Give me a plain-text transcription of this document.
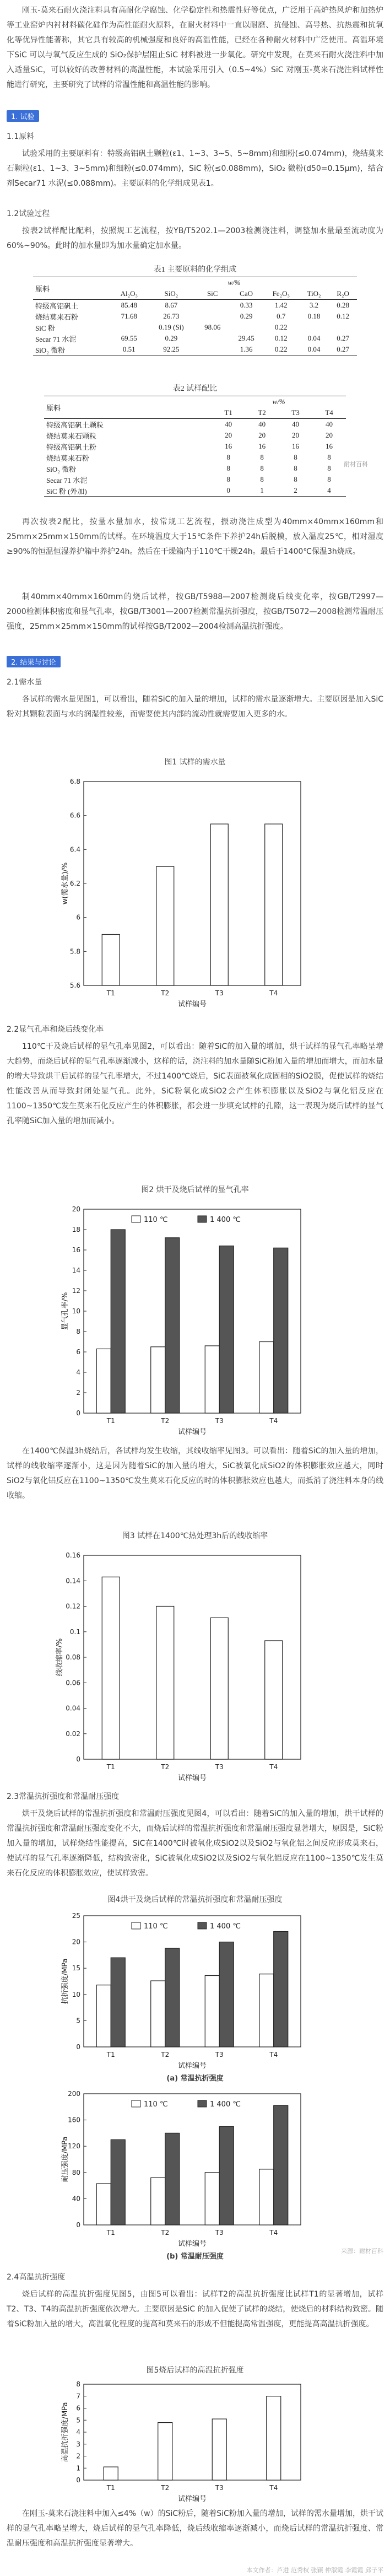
刚玉-莫来石耐火浇注料具有高耐化学腐蚀、化学稳定性和热震性好等优点，广泛用于高炉热风炉和加热炉等工业窑炉内衬材料碳化硅作为高性能耐火原料，在耐火材料中一直以耐磨、抗侵蚀、高导热、抗热震和抗氧化等优异性能著称，其它具有较高的机械强度和良好的高温性能，已经在各种耐火材料中广泛使用。高温环境下SiC 可以与氧气反应生成的 SiO₂保护层阻止SiC 材料被进一步氧化。研究中发现，在莫来石耐火浇注料中加入适量SiC，可以较好的改善材料的高温性能，本试验采用引入（0.5~4%）SiC 对刚玉-莫来石浇注料试样性能进行研究，主要研究了试样的常温性能和高温性能的影响。

1. 试验
1.1原料

试验采用的主要原料有：特级高铝矾土颗粒(ε1、1~3、3~5、5~8mm)和细粉(≤0.074mm)，烧结莫来石颗粒(ε1、1~3、3~5mm)和细粉(≤0.074mm)，SiC 粉(≤0.088mm)，SiO₂ 微粉(d50=0.15μm)，结合剂Secar71 水泥(≤0.088mm)。主要原料的化学组成见表1。

1.2试验过程

按表2试样配比配料，按照规工艺流程，按YB/T5202.1—2003检测浇注料，调整加水量最至流动度为60%~90%。此时的加水量即为加水量确定加水量。

表1 主要原料的化学组成
原料	w/%						
	Al₂O₃	SiO₂	SiC	CaO	Fe₂O₃	TiO₂	R₂O
特级高铝矾土	85.48	8.67		0.33	1.42	3.2	0.28
烧结莫来石粉	71.68	26.73		0.29	0.7	0.18	0.12
SiC 粉		0.19 (Si)	98.06		0.22		
Secar 71 水泥	69.55	0.29		29.45	0.12	0.04	0.27
SiO₂ 微粉	0.51	92.25		1.36	0.22	0.04	0.27
表2 试样配比
原料	w/%			
	T1	T2	T3	T4
特级高铝矾土颗粒	40	40	40	40
烧结莫来石颗粒	20	20	20	20
特级高铝矾土粉	16	16	16	16
烧结莫来石粉	8	8	8	8
SiO₂ 微粉	8	8	8	8
Secar 71 水泥	8	8	8	8
SiC 粉 (外加)	0	1	2	4
耐材百科

再次按表2配比，按量水量加水，按常规工艺流程，振动浇注成型为40mm×40mm×160mm和25mm×25mm×150mm的试样。在环境温度大于15℃条件下养护24h后脱模，放入温度25℃，相对湿度≥90%的恒温恒湿养护箱中养护24h。然后在干燥箱内于110℃干燥24h。最后于1400℃保温3h烧成。

制40mm×40mm×160mm的烧后试样，按GB/T5988—2007检测烧后线变化率，按GB/T2997—2000检测体积密度和显气孔率，按GB/T3001—2007检测常温抗折强度，按GB/T5072—2008检测常温耐压强度，25mm×25mm×150mm的试样按GB/T2002—2004检测高温抗折强度。

2. 结果与讨论
2.1需水量

各试样的需水量见图1，可以看出，随着SiC的加入量的增加，试样的需水量逐渐增大。主要原因是加入SiC粉对其颗粒表面与水的润湿性较差，而需要使其内部的流动性就需要加入更多的水。

图1 试样的需水量
5.6
5.8
6
6.2
6.4
6.6
6.8
w(需水量)/%
T1	T2	T3	T4
试样编号
2.2显气孔率和烧后线变化率

110℃干及烧后试样的显气孔率见图2，可以看出：随着SiC的加入量的增加，烘干试样的显气孔率略呈增大趋势，而烧后试样的显气孔率逐渐减小，这样的话，浇注料的加水量随SiC粉加入量的增加而增大，而加水量的增大导致烘干后试样的显气孔率增大，不过1400℃烧后，SiC表面被氧化成固相的SiO2膜，促使试样的烧结性能改善从而导致封闭处显气孔。此外，SiC粉氧化成SiO2会产生体积膨胀以及SiO2与氧化铝反应在1100~1350℃发生莫来石化反应产生的体积膨胀，都会进一步填充试样的孔隙，这一表现为烧后试样的显气孔率随SiC加入量的增加而减小。

图2 烘干及烧后试样的显气孔率
0
2
4
6
8
10
12
14
16
18
20
显气孔率/%
T1	T2	T3	T4
试样编号
110 ℃	1 400 ℃

在1400℃保温3h烧结后，各试样均发生收缩，其线收缩率见图3。可以看出：随着SiC的加入量的增加，试样的线收缩率逐渐小，这是因为随着SiC的加入量的增大，SiC被氧化成SiO2的体积膨胀效应越大，同时SiO2与氧化铝反应在1100~1350℃发生莫来石化反应的时的体积膨胀效应也越大，而抵消了浇注料本身的线收缩。

图3 试样在1400℃热处理3h后的线收缩率
0
0.02
0.04
0.06
0.08
0.1
0.12
0.14
0.16
线收缩率/%
T1	T2	T3	T4
试样编号
2.3常温抗折强度和常温耐压强度

烘干及烧后试样的常温抗折强度和常温耐压强度见图4，可以看出：随着SiC的加入量的增加，烘干试样的常温抗折强度和常温耐压强度变化不大，而烧后试样的常温抗折强度和常温耐压强度显著增大，原因是，SiC粉加入量的增加，试样烧结性能提高，SiC在1400℃时被氧化成SiO2以及SiO2与氧化铝之间反应形成莫来石，使试样的显气孔率逐渐降低，结构致密化，SiC被氧化成SiO2以及SiO2与氧化铝反应在1100~1350℃发生莫来石化反应的体积膨胀效应，使试样致密。

图4烘干及烧后试样的常温抗折强度和常温耐压强度
0
5
10
15
20
25
抗折强度/MPa
T1	T2	T3	T4
试样编号
110 ℃	1 400 ℃
(a) 常温抗折强度
0
40
80
120
160
200
耐压强度/MPa
T1	T2	T3	T4
试样编号
110 ℃	1 400 ℃
(b) 常温耐压强度
来源：耐材百科
2.4高温抗折强度

烧后试样的高温抗折强度见图5，由图5可以看出：试样T2的高温抗折强度比试样T1的显著增加，试样T2、T3、T4的高温抗折强度依次增大。主要原因是SiC 的加入促使了试样的烧结，使烧后的材料结构致密。随着SiC粉加入量的增大，高温氧化程度的提高和莫来石的形成不但能提高常温强度，更能提高高温抗折强度。

图5烧后试样的高温抗折强度
0
1
2
3
4
5
6
7
8
高温抗折强度/MPa
T1	T2	T3	T4
试样编号

在刚玉-莫来石浇注料中加入≤4%（w）的SiC粉后，随着SiC粉加入量的增加，试样的需水量增加，烘干试样的显气孔率略呈增大，烧后试样的显气孔率降低，烧后线收缩率逐渐减小，而烧后试样的常温抗折强度、常温耐压强度和高温抗折强度显著增大。

本文作者：芦进 范秀权 张颖 仲淑霞 李霞霞 邱子平
